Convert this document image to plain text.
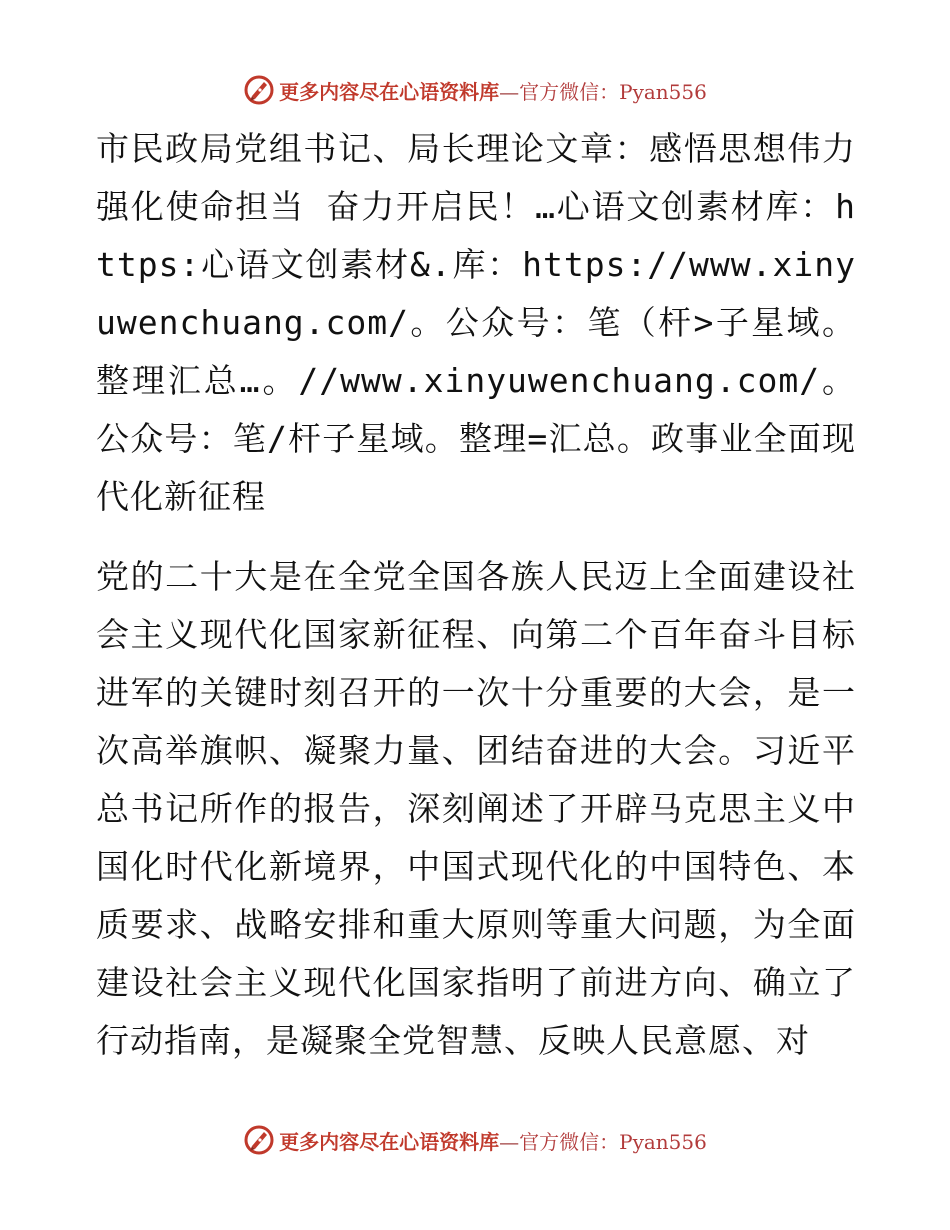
更多内容尽在心语资料库—官方微信：Pyan556

市民政局党组书记、局长理论文章：感悟思想伟力　强化使命担当 奋力开启民！…心语文创素材库：https:心语文创素材&.库：https://www.xinyuwenchuang.com/。公众号：笔（杆>子星域。整理汇总…。//www.xinyuwenchuang.com/。公众号：笔/杆子星域。整理=汇总。政事业全面现代化新征程

党的二十大是在全党全国各族人民迈上全面建设社会主义现代化国家新征程、向第二个百年奋斗目标进军的关键时刻召开的一次十分重要的大会，是一次高举旗帜、凝聚力量、团结奋进的大会。习近平总书记所作的报告，深刻阐述了开辟马克思主义中国化时代化新境界，中国式现代化的中国特色、本质要求、战略安排和重大原则等重大问题，为全面建设社会主义现代化国家指明了前进方向、确立了行动指南，是凝聚全党智慧、反映人民意愿、对

更多内容尽在心语资料库—官方微信：Pyan556
